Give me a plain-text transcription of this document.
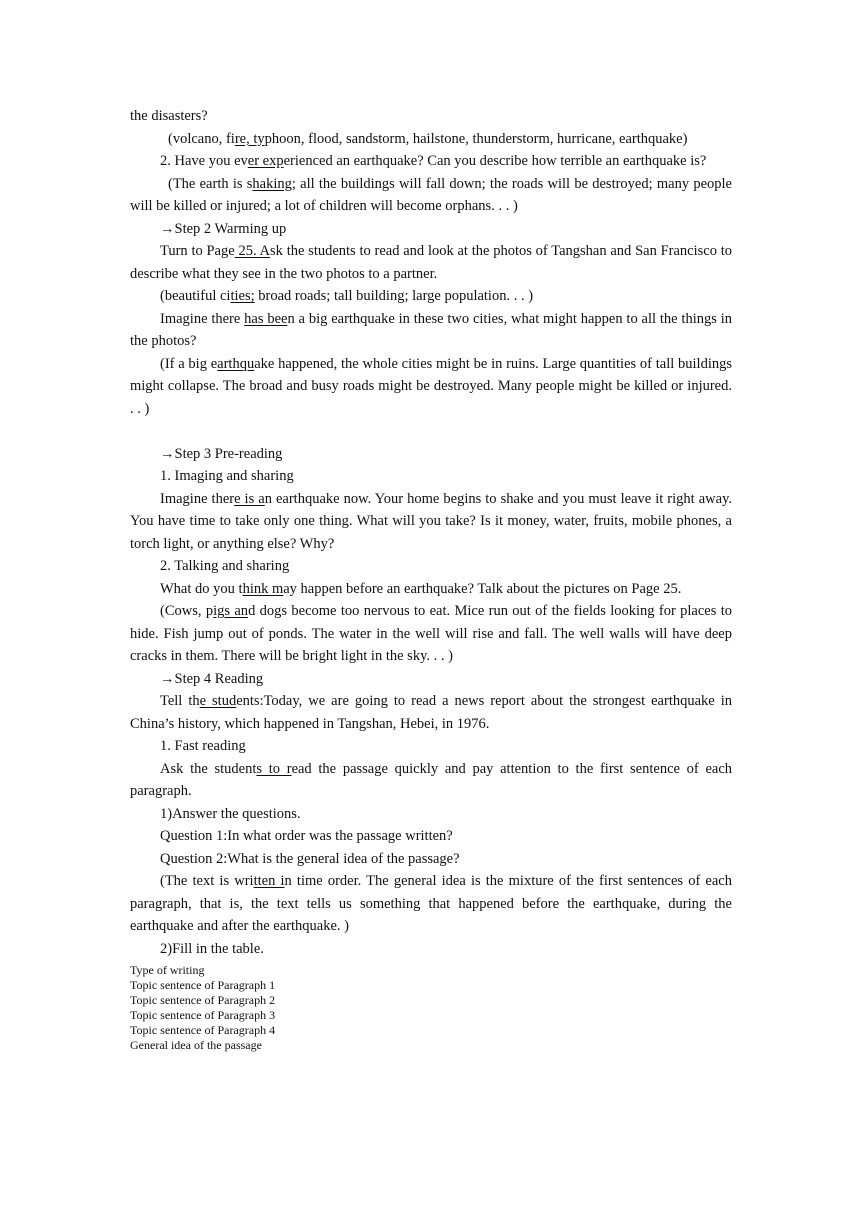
the disasters?

(volcano, fire, typhoon, flood, sandstorm, hailstone, thunderstorm, hurricane, earthquake)

2. Have you ever experienced an earthquake? Can you describe how terrible an earthquake is?

(The earth is shaking; all the buildings will fall down; the roads will be destroyed; many people will be killed or injured; a lot of children will become orphans. . . )

→Step 2 Warming up

Turn to Page 25. Ask the students to read and look at the photos of Tangshan and San Francisco to describe what they see in the two photos to a partner.

(beautiful cities; broad roads; tall building; large population. . . )

Imagine there has been a big earthquake in these two cities, what might happen to all the things in the photos?

(If a big earthquake happened, the whole cities might be in ruins. Large quantities of tall buildings might collapse. The broad and busy roads might be destroyed. Many people might be killed or injured. . . )

→Step 3 Pre-reading

1. Imaging and sharing

Imagine there is an earthquake now. Your home begins to shake and you must leave it right away. You have time to take only one thing. What will you take? Is it money, water, fruits, mobile phones, a torch light, or anything else? Why?

2. Talking and sharing

What do you think may happen before an earthquake? Talk about the pictures on Page 25.

(Cows, pigs and dogs become too nervous to eat. Mice run out of the fields looking for places to hide. Fish jump out of ponds. The water in the well will rise and fall. The well walls will have deep cracks in them. There will be bright light in the sky. . . )

→Step 4 Reading

Tell the students:Today, we are going to read a news report about the strongest earthquake in China’s history, which happened in Tangshan, Hebei, in 1976.

1. Fast reading

Ask the students to read the passage quickly and pay attention to the first sentence of each paragraph.

1)Answer the questions.

Question 1:In what order was the passage written?

Question 2:What is the general idea of the passage?

(The text is written in time order. The general idea is the mixture of the first sentences of each paragraph, that is, the text tells us something that happened before the earthquake, during the earthquake and after the earthquake. )

2)Fill in the table.

Type of writing

Topic sentence of Paragraph 1

Topic sentence of Paragraph 2

Topic sentence of Paragraph 3

Topic sentence of Paragraph 4

General idea of the passage
